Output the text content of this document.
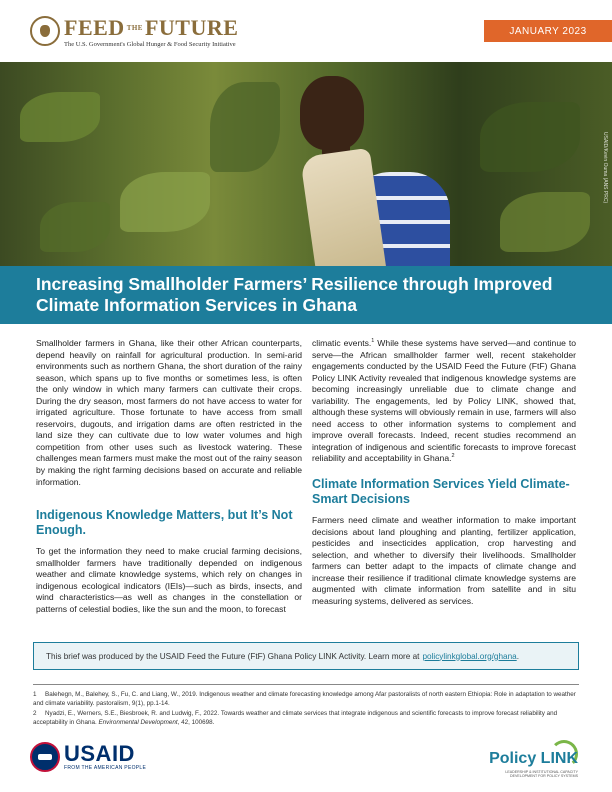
FEED $^{THE}$FUTURE
The U.S. Government's Global Hunger & Food Security Initiative
JANUARY 2023
USAID/Kevin Ouma (ANS PRC)
Increasing Smallholder Farmers’ Resilience through Improved Climate Information Services in Ghana

Smallholder farmers in Ghana, like their other African counterparts, depend heavily on rainfall for agricultural production. In semi-arid environments such as northern Ghana, the short duration of the rainy season, which spans up to five months or sometimes less, is often the only window in which many farmers can cultivate their crops. During the dry season, most farmers do not have access to water for irrigated agriculture. Those fortunate to have access from small reservoirs, dugouts, and irrigation dams are often restricted in the land size they can cultivate due to low water volumes and high competition from other uses such as livestock watering. These challenges mean farmers must make the most out of the rainy season by making the right farming decisions based on accurate and reliable information.

Indigenous Knowledge Matters, but It’s Not Enough.

To get the information they need to make crucial farming decisions, smallholder farmers have traditionally depended on indigenous weather and climate knowledge systems, which rely on changes in indigenous ecological indicators (IEIs)—such as birds, insects, and wind characteristics—as well as changes in the constellation or patterns of celestial bodies, like the sun and the moon, to forecast

climatic events.$^1$ While these systems have served—and continue to serve—the African smallholder farmer well, recent stakeholder engagements conducted by the USAID Feed the Future (FtF) Ghana Policy LINK Activity revealed that indigenous knowledge systems are becoming increasingly unreliable due to climate change and variability. The engagements, led by Policy LINK, showed that, although these systems will obviously remain in use, farmers will also need access to other information systems to complement and improve overall forecasts. Indeed, recent studies recommend an integration of indigenous and scientific forecasts to improve forecast reliability and acceptability in Ghana.$^2$

Climate Information Services Yield Climate-Smart Decisions

Farmers need climate and weather information to make important decisions about land ploughing and planting, fertilizer application, pesticides and insecticides application, crop harvesting and selection, and whether to diversify their livelihoods. Smallholder farmers can better adapt to the impacts of climate change and increase their resilience if traditional climate knowledge systems are augmented with climate information from satellite and in situ measuring systems, delivered as services.

This brief was produced by the USAID Feed the Future (FtF) Ghana Policy LINK Activity. Learn more at policylinkglobal.org/ghana .
1 Balehegn, M., Balehey, S., Fu, C. and Liang, W., 2019. Indigenous weather and climate forecasting knowledge among Afar pastoralists of north eastern Ethiopia: Role in adaptation to weather and climate variability. pastoralism, 9(1), pp.1-14.
2 Nyadzi, E., Werners, S.E., Biesbroek, R. and Ludwig, F., 2022. Towards weather and climate services that integrate indigenous and scientific forecasts to improve forecast reliability and acceptability in Ghana. Environmental Development, 42, 100698.
USAID
FROM THE AMERICAN PEOPLE
Policy LINK
LEADERSHIP & INSTITUTIONAL CAPACITY DEVELOPMENT FOR POLICY SYSTEMS
